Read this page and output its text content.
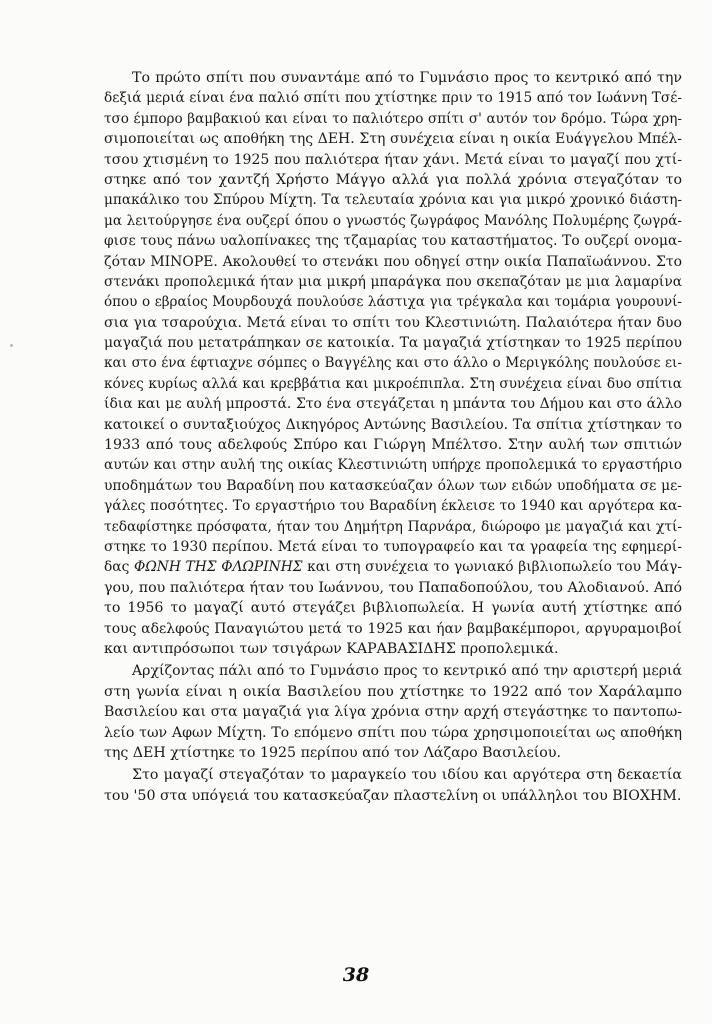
Το πρώτο σπίτι που συναντάμε από το Γυμνάσιο προς το κεντρικό από την
δεξιά μεριά είναι ένα παλιό σπίτι που χτίστηκε πριν το 1915 από τον Ιωάννη Τσέ-
τσο έμπορο βαμβακιού και είναι το παλιότερο σπίτι σ' αυτόν τον δρόμο. Τώρα χρη-
σιμοποιείται ως αποθήκη της ΔΕΗ. Στη συνέχεια είναι η οικία Ευάγγελου Μπέλ-
τσου χτισμένη το 1925 που παλιότερα ήταν χάνι. Μετά είναι το μαγαζί που χτί-
στηκε από τον χαντζή Χρήστο Μάγγο αλλά για πολλά χρόνια στεγαζόταν το
μπακάλικο του Σπύρου Μίχτη. Τα τελευταία χρόνια και για μικρό χρονικό διάστη-
μα λειτούργησε ένα ουζερί όπου ο γνωστός ζωγράφος Μανόλης Πολυμέρης ζωγρά-
φισε τους πάνω υαλοπίνακες της τζαμαρίας του καταστήματος. Το ουζερί ονομα-
ζόταν ΜΙΝΟΡΕ. Ακολουθεί το στενάκι που οδηγεί στην οικία Παπαϊωάννου. Στο
στενάκι προπολεμικά ήταν μια μικρή μπαράγκα που σκεπαζόταν με μια λαμαρίνα
όπου ο εβραίος Μουρδουχά πουλούσε λάστιχα για τρέγκαλα και τομάρια γουρουνί-
σια για τσαρούχια. Μετά είναι το σπίτι του Κλεστινιώτη. Παλαιότερα ήταν δυο
μαγαζιά που μετατράπηκαν σε κατοικία. Τα μαγαζιά χτίστηκαν το 1925 περίπου
και στο ένα έφτιαχνε σόμπες ο Βαγγέλης και στο άλλο ο Μεριγκόλης πουλούσε ει-
κόνες κυρίως αλλά και κρεββάτια και μικροέπιπλα. Στη συνέχεια είναι δυο σπίτια
ίδια και με αυλή μπροστά. Στο ένα στεγάζεται η μπάντα του Δήμου και στο άλλο
κατοικεί ο συνταξιούχος Δικηγόρος Αντώνης Βασιλείου. Τα σπίτια χτίστηκαν το
1933 από τους αδελφούς Σπύρο και Γιώργη Μπέλτσο. Στην αυλή των σπιτιών
αυτών και στην αυλή της οικίας Κλεστινιώτη υπήρχε προπολεμικά το εργαστήριο
υποδημάτων του Βαραδίνη που κατασκεύαζαν όλων των ειδών υποδήματα σε με-
γάλες ποσότητες. Το εργαστήριο του Βαραδίνη έκλεισε το 1940 και αργότερα κα-
τεδαφίστηκε πρόσφατα, ήταν του Δημήτρη Παρνάρα, διώροφο με μαγαζιά και χτί-
στηκε το 1930 περίπου. Μετά είναι το τυπογραφείο και τα γραφεία της εφημερί-
δας ΦΩΝΗ ΤΗΣ ΦΛΩΡΙΝΗΣ και στη συνέχεια το γωνιακό βιβλιοπωλείο του Μάγ-
γου, που παλιότερα ήταν του Ιωάννου, του Παπαδοπούλου, του Αλοδιανού. Από
το 1956 το μαγαζί αυτό στεγάζει βιβλιοπωλεία. Η γωνία αυτή χτίστηκε από
τους αδελφούς Παναγιώτου μετά το 1925 και ήαν βαμβακέμποροι, αργυραμοιβοί
και αντιπρόσωποι των τσιγάρων ΚΑΡΑΒΑΣΙΔΗΣ προπολεμικά.
Αρχίζοντας πάλι από το Γυμνάσιο προς το κεντρικό από την αριστερή μεριά
στη γωνία είναι η οικία Βασιλείου που χτίστηκε το 1922 από τον Χαράλαμπο
Βασιλείου και στα μαγαζιά για λίγα χρόνια στην αρχή στεγάστηκε το παντοπω-
λείο των Αφων Μίχτη. Το επόμενο σπίτι που τώρα χρησιμοποιείται ως αποθήκη
της ΔΕΗ χτίστηκε το 1925 περίπου από τον Λάζαρο Βασιλείου.
Στο μαγαζί στεγαζόταν το μαραγκείο του ιδίου και αργότερα στη δεκαετία
του '50 στα υπόγειά του κατασκεύαζαν πλαστελίνη οι υπάλληλοι του ΒΙΟΧΗΜ.
38
